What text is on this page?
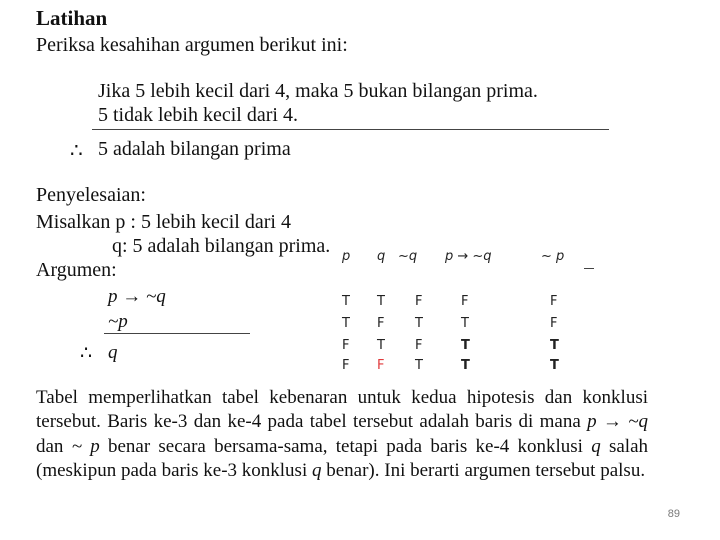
Latihan
Periksa kesahihan argumen berikut ini:
Jika 5 lebih kecil dari 4, maka 5 bukan bilangan prima.
5 tidak lebih kecil dari 4.
∴ 5 adalah bilangan prima
Penyelesaian:
Misalkan p : 5 lebih kecil dari 4
q: 5 adalah bilangan prima.
Argumen:
p → ~q
~p
∴ q
p q ~q p → ~q	~ p
T T F	F	F
T F T	T	F
F T F	T	T
F F T	T	T
Tabel memperlihatkan tabel kebenaran untuk kedua hipotesis dan konklusi tersebut. Baris ke-3 dan ke-4 pada tabel tersebut adalah baris di mana p → ~q dan ~ p benar secara bersama-sama, tetapi pada baris ke-4 konklusi q salah (meskipun pada baris ke-3 konklusi q benar). Ini berarti argumen tersebut palsu.
89
